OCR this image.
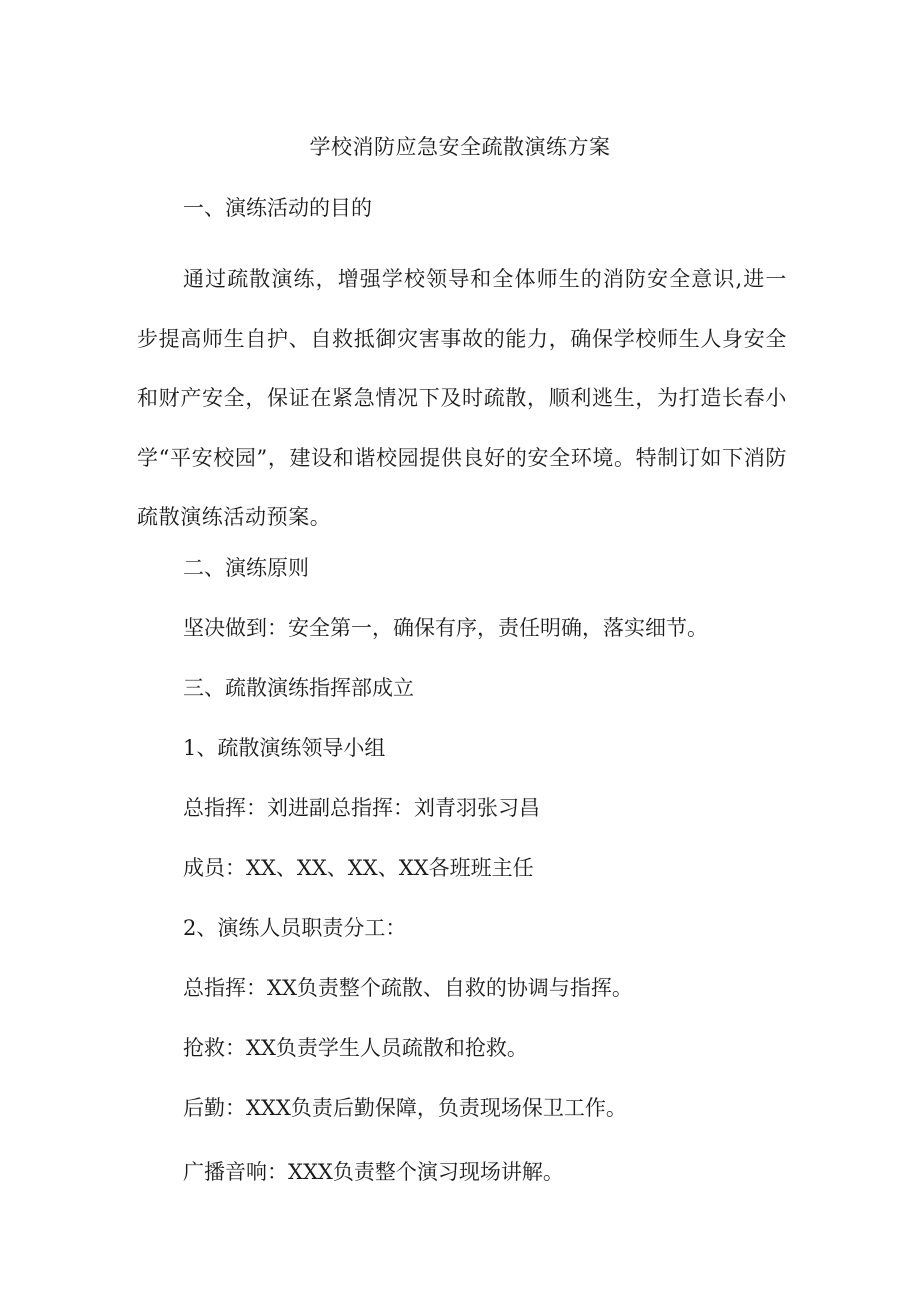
学校消防应急安全疏散演练方案
一、演练活动的目的

通过疏散演练，增强学校领导和全体师生的消防安全意识,进一步提高师生自护、自救抵御灾害事故的能力，确保学校师生人身安全和财产安全，保证在紧急情况下及时疏散，顺利逃生，为打造长春小学“平安校园”，建设和谐校园提供良好的安全环境。特制订如下消防疏散演练活动预案。

二、演练原则
坚决做到：安全第一，确保有序，责任明确，落实细节。
三、疏散演练指挥部成立
1、疏散演练领导小组
总指挥：刘进副总指挥：刘青羽张习昌
成员：XX、XX、XX、XX各班班主任
2、演练人员职责分工：
总指挥：XX负责整个疏散、自救的协调与指挥。
抢救：XX负责学生人员疏散和抢救。
后勤：XXX负责后勤保障，负责现场保卫工作。
广播音响：XXX负责整个演习现场讲解。
